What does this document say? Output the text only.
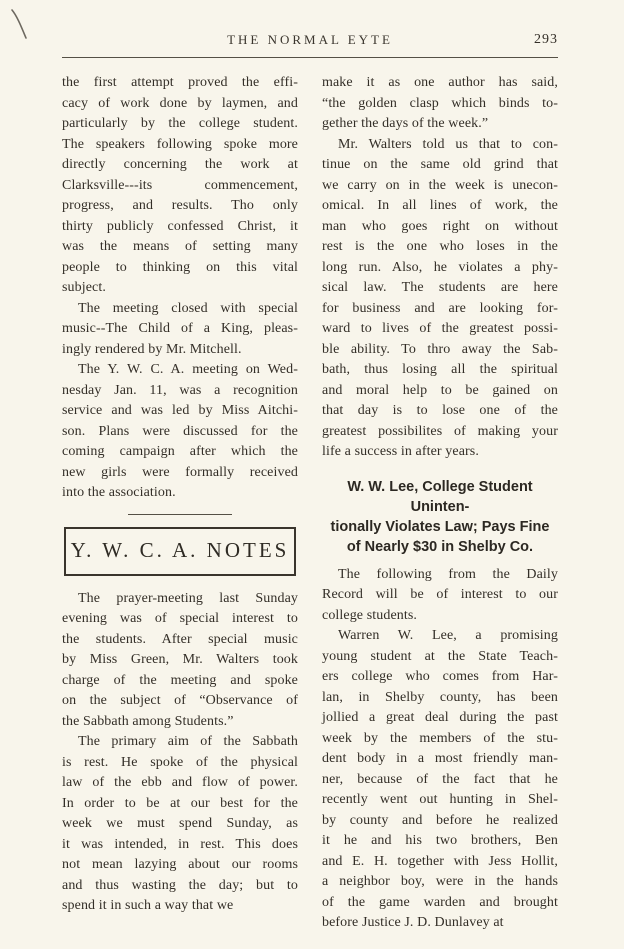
THE NORMAL EYTE	293
the first attempt proved the effi-
cacy of work done by laymen, and
particularly by the college student.
The speakers following spoke more
directly concerning the work at
Clarksville---its commencement,
progress, and results. Tho only
thirty publicly confessed Christ, it
was the means of setting many
people to thinking on this vital
subject.
The meeting closed with special
music--The Child of a King, pleas-
ingly rendered by Mr. Mitchell.
The Y. W. C. A. meeting on Wed-
nesday Jan. 11, was a recognition
service and was led by Miss Aitchi-
son. Plans were discussed for the
coming campaign after which the
new girls were formally received
into the association.
Y. W. C. A. NOTES
The prayer-meeting last Sunday
evening was of special interest to
the students. After special music
by Miss Green, Mr. Walters took
charge of the meeting and spoke
on the subject of “Observance of
the Sabbath among Students.”
The primary aim of the Sabbath
is rest. He spoke of the physical
law of the ebb and flow of power.
In order to be at our best for the
week we must spend Sunday, as
it was intended, in rest. This does
not mean lazying about our rooms
and thus wasting the day; but to
spend it in such a way that we
make it as one author has said,
“the golden clasp which binds to-
gether the days of the week.”
Mr. Walters told us that to con-
tinue on the same old grind that
we carry on in the week is unecon-
omical. In all lines of work, the
man who goes right on without
rest is the one who loses in the
long run. Also, he violates a phy-
sical law. The students are here
for business and are looking for-
ward to lives of the greatest possi-
ble ability. To thro away the Sab-
bath, thus losing all the spiritual
and moral help to be gained on
that day is to lose one of the
greatest possibilites of making your
life a success in after years.
W. W. Lee, College Student Uninten-
tionally Violates Law; Pays Fine
of Nearly $30 in Shelby Co.
The following from the Daily
Record will be of interest to our
college students.
Warren W. Lee, a promising
young student at the State Teach-
ers college who comes from Har-
lan, in Shelby county, has been
jollied a great deal during the past
week by the members of the stu-
dent body in a most friendly man-
ner, because of the fact that he
recently went out hunting in Shel-
by county and before he realized
it he and his two brothers, Ben
and E. H. together with Jess Hollit,
a neighbor boy, were in the hands
of the game warden and brought
before Justice J. D. Dunlavey at
